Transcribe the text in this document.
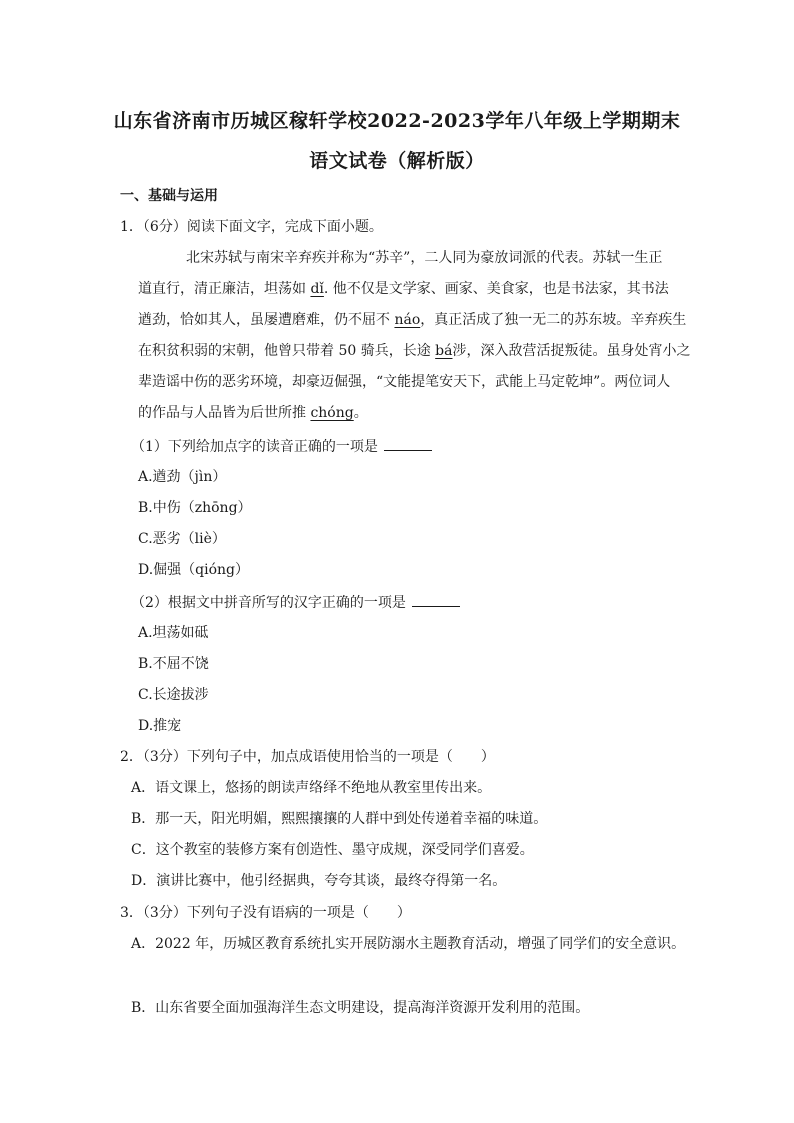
山东省济南市历城区稼轩学校2022-2023学年八年级上学期期末
语文试卷（解析版）
一、基础与运用
1．（6分）阅读下面文字，完成下面小题。
北宋苏轼与南宋辛弃疾并称为“苏辛”，二人同为豪放词派的代表。苏轼一生正
道直行，清正廉洁，坦荡如 dǐ. 他不仅是文学家、画家、美食家，也是书法家，其书法
遒劲，恰如其人，虽屡遭磨难，仍不屈不 náo，真正活成了独一无二的苏东坡。辛弃疾生
在积贫积弱的宋朝，他曾只带着 50 骑兵，长途 bá涉，深入敌营活捉叛徒。虽身处宵小之
辈造谣中伤的恶劣环境，却豪迈倔强，“文能提笔安天下，武能上马定乾坤”。两位词人
的作品与人品皆为后世所推 chóng。
（1）下列给加点字的读音正确的一项是
A.遒劲（jìn）
B.中伤（zhōng）
C.恶劣（liè）
D.倔强（qióng）
（2）根据文中拼音所写的汉字正确的一项是
A.坦荡如砥
B.不屈不饶
C.长途拔涉
D.推宠
2．（3分）下列句子中，加点成语使用恰当的一项是（　　）
A．语文课上，悠扬的朗读声络绎不绝地从教室里传出来。
B．那一天，阳光明媚，熙熙攘攘的人群中到处传递着幸福的味道。
C．这个教室的装修方案有创造性、墨守成规，深受同学们喜爱。
D．演讲比赛中，他引经据典，夸夸其谈，最终夺得第一名。
3．（3分）下列句子没有语病的一项是（　　）
A．2022 年，历城区教育系统扎实开展防溺水主题教育活动，增强了同学们的安全意识。
B．山东省要全面加强海洋生态文明建设，提高海洋资源开发利用的范围。
